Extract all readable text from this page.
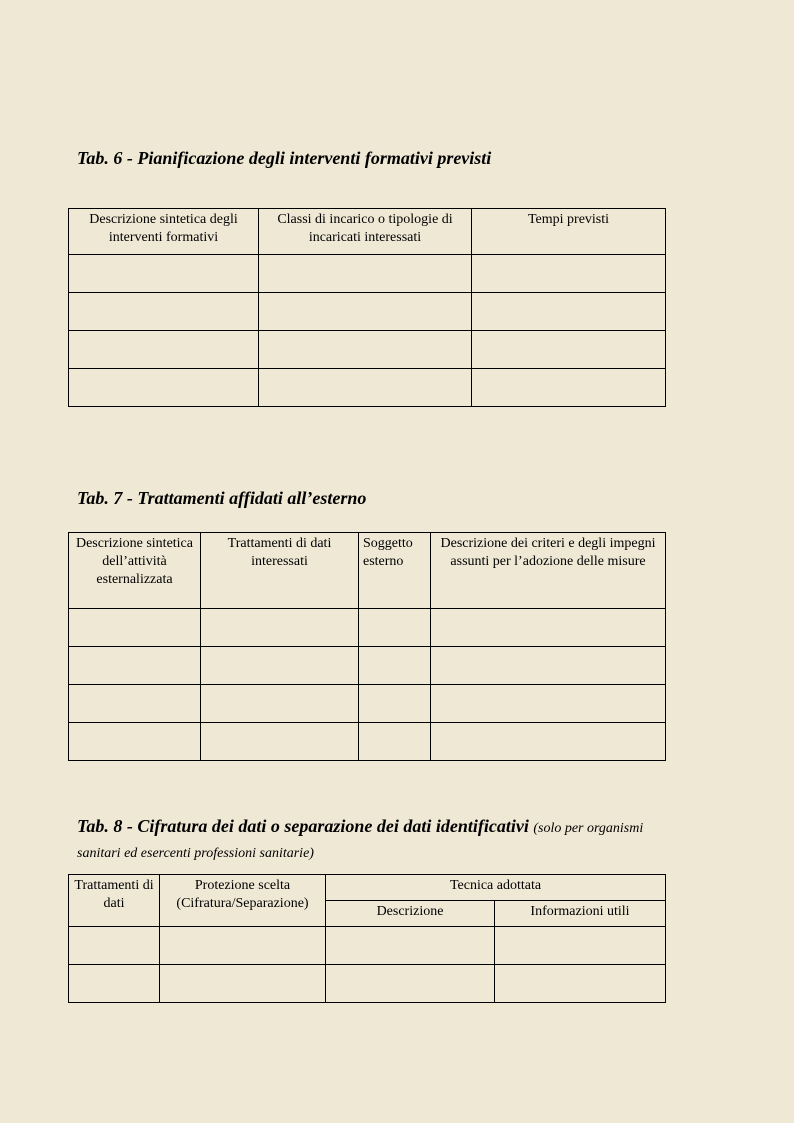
Tab. 6 - Pianificazione degli interventi formativi previsti
Descrizione sintetica degli interventi formativi	Classi di incarico o tipologie di incaricati interessati	Tempi previsti

Tab. 7 - Trattamenti affidati all’esterno
Descrizione sintetica dell’attività esternalizzata	Trattamenti di dati interessati	Soggetto esterno	Descrizione dei criteri e degli impegni assunti per l’adozione delle misure

Tab. 8 - Cifratura dei dati o separazione dei dati identificativi (solo per organismi sanitari ed esercenti professioni sanitarie)
Trattamenti di dati	Protezione scelta (Cifratura/Separazione)	Tecnica adottata	
		Descrizione	Informazioni utili
